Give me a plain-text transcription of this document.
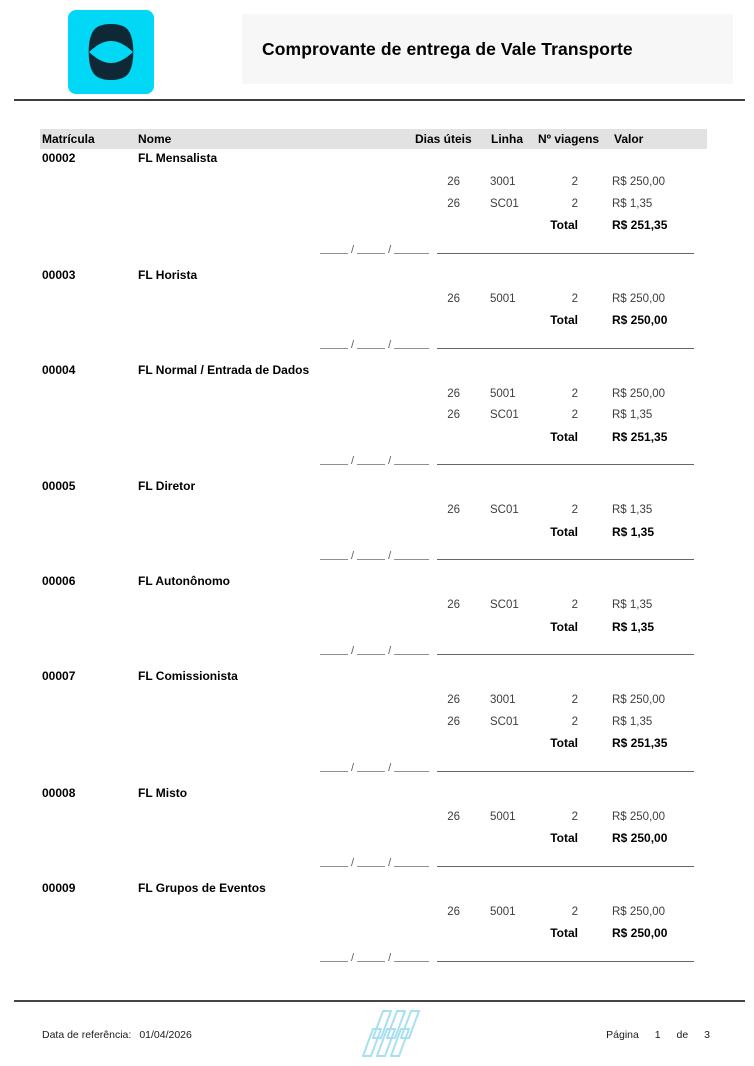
Comprovante de entrega de Vale Transporte
Matrícula	Nome	Dias úteis	Linha	Nº viagens	Valor
00002	FL Mensalista
26	3001	2	R$ 250,00
26	SC01	2	R$ 1,35
Total	R$ 251,35
/	/
00003	FL Horista
26	5001	2	R$ 250,00
Total	R$ 250,00
/	/
00004	FL Normal / Entrada de Dados
26	5001	2	R$ 250,00
26	SC01	2	R$ 1,35
Total	R$ 251,35
/	/
00005	FL Diretor
26	SC01	2	R$ 1,35
Total	R$ 1,35
/	/
00006	FL Autonônomo
26	SC01	2	R$ 1,35
Total	R$ 1,35
/	/
00007	FL Comissionista
26	3001	2	R$ 250,00
26	SC01	2	R$ 1,35
Total	R$ 251,35
/	/
00008	FL Misto
26	5001	2	R$ 250,00
Total	R$ 250,00
/	/
00009	FL Grupos de Eventos
26	5001	2	R$ 250,00
Total	R$ 250,00
/	/
Data de referência: 01/04/2026	Página 1 de 3
